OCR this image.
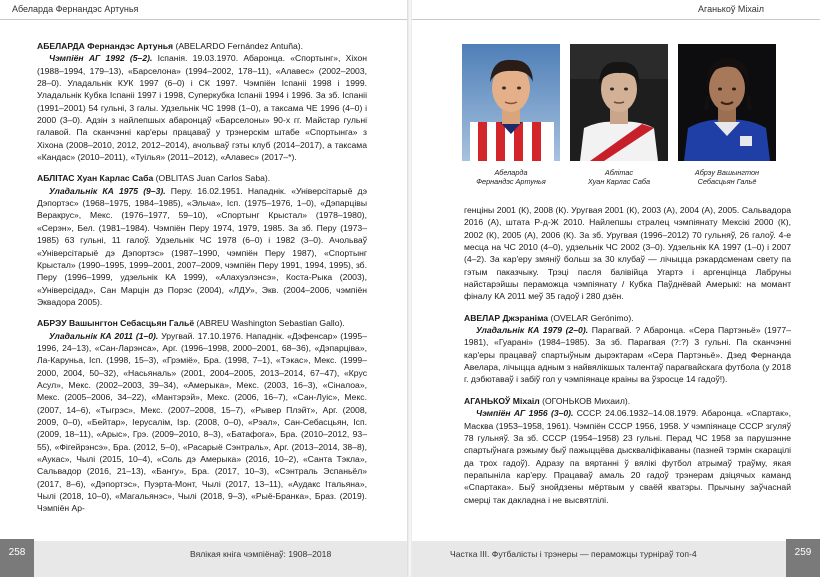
Абеларда Фернандэс Артунья

АБЕЛАРДА Фернандэс Артунья (ABELARDO Fernández Antuña).

Чэмпіён АГ 1992 (5–2). Іспанія. 19.03.1970. Абаронца. «Спортынг», Хіхон (1988–1994, 179–13), «Барселона» (1994–2002, 178–11), «Алавес» (2002–2003, 28–0). Уладальнік КУК 1997 (6–0) і СК 1997. Чэмпіён Іспаніі 1998 і 1999. Уладальнік Кубка Іспаніі 1997 і 1998, Суперкубка Іспаніі 1994 і 1996. За зб. Іспаніі (1991–2001) 54 гульні, 3 галы. Удзельнік ЧС 1998 (1–0), а таксама ЧЕ 1996 (4–0) і 2000 (3–0). Адзін з найлепшых абаронцаў «Барселоны» 90-х гг. Майстар гульні галавой. Па сканчэнні кар'еры працаваў у трэнерскім штабе «Спортынга» з Хіхона (2008–2010, 2012, 2012–2014), ачольваў гэты клуб (2014–2017), а таксама «Кандас» (2010–2011), «Туілья» (2011–2012), «Алавес» (2017–*).

АБЛІТАС Хуан Карлас Саба (OBLITAS Juan Carlos Saba).

Уладальнік КА 1975 (9–3). Перу. 16.02.1951. Нападнік. «Універсітарыё дэ Дэпортэс» (1968–1975, 1984–1985), «Эльча», Ісп. (1975–1976, 1–0), «Дэпарцівы Веракрус», Мекс. (1976–1977, 59–10), «Спортынг Крыстал» (1978–1980), «Серэн», Бел. (1981–1984). Чэмпіён Перу 1974, 1979, 1985. За зб. Перу (1973–1985) 63 гульні, 11 галоў. Удзельнік ЧС 1978 (6–0) і 1982 (3–0). Ачольваў «Універсітарыё дэ Дэпортэс» (1987–1990, чэмпіён Перу 1987), «Спортынг Крыстал» (1990–1995, 1999–2001, 2007–2009, чэмпіён Перу 1991, 1994, 1995), зб. Перу (1996–1999, удзельнік КА 1999), «Алахуэлэнсэ», Коста-Рыка (2003), «Універсідад», Сан Марцін дэ Порэс (2004), «ЛДУ», Экв. (2004–2006, чэмпіён Эквадора 2005).

АБРЭУ Вашынгтон Себасцьян Гальё (ABREU Washington Sebastian Gallo).

Уладальнік КА 2011 (1–0). Уругвай. 17.10.1976. Нападнік. «Дэфенсар» (1995–1996, 24–13), «Сан-Ларэнса», Арг. (1996–1998, 2000–2001, 68–36), «Дэпарціва», Ла-Каруньа, Ісп. (1998, 15–3), «Грэміё», Бра. (1998, 7–1), «Тэкас», Мекс. (1999–2000, 2004, 50–32), «Насьяналь» (2001, 2004–2005, 2013–2014, 67–47), «Крус Асул», Мекс. (2002–2003, 39–34), «Амерыка», Мекс. (2003, 16–3), «Сіналоа», Мекс. (2005–2006, 34–22), «Мантэрэй», Мекс. (2006, 16–7), «Сан-Луіс», Мекс. (2007, 14–6), «Тыгрэс», Мекс. (2007–2008, 15–7), «Рывер Плэйт», Арг. (2008, 2009, 0–0), «Бейтар», Іерусалім, Ізр. (2008, 0–0), «Рэал», Сан-Себасцьян, Ісп. (2009, 18–11), «Арыс», Грэ. (2009–2010, 8–3), «Батафога», Бра. (2010–2012, 93–55), «Фігейрэнсэ», Бра. (2012, 5–0), «Расарыё Сэнтраль», Арг. (2013–2014, 38–8), «Аукас», Чылі (2015, 10–4), «Соль дэ Амерыка» (2016, 10–2), «Санта Тэкла», Сальвадор (2016, 21–13), «Бангу», Бра. (2017, 10–3), «Сэнтраль Эспаньёл» (2017, 8–6), «Дэпортэс», Пуэрта-Монт, Чылі (2017, 13–11), «Аудакс Італьяна», Чылі (2018, 10–0), «Магальянэс», Чылі (2018, 9–3), «Рыё-Бранка», Браз. (2019). Чэмпіён Ар-

Вялікая кніга чэмпіёнаў: 1908–2018
258
Аганькоў Міхаіл
Абеларда
Фернандэс Артунья
Аблітас
Хуан Карлас Саба
Абрэу Вашынгтон
Себасцьян Гальё

генціны 2001 (К), 2008 (К). Уругвая 2001 (К), 2003 (А), 2004 (А), 2005. Сальвадора 2016 (А), штата Р-д-Ж 2010. Найлепшы стралец чэмпіянату Мексікі 2000 (К), 2002 (К), 2005 (А), 2006 (К). За зб. Уругвая (1996–2012) 70 гульняў, 26 галоў. 4-е месца на ЧС 2010 (4–0), удзельнік ЧС 2002 (3–0). Удзельнік КА 1997 (1–0) і 2007 (4–2). За кар'еру змяніў больш за 30 клубаў — лічыцца рэкардсменам свету па гэтым паказчыку. Трэці пасля балівійца Угартэ і аргенцінца Лабруны найстарэйшы пераможца чэмпіянату / Кубка Паўднёвай Амерыкі: на момант фіналу КА 2011 меў 35 гадоў і 280 дзён.

АВЕЛАР Джэраніма (OVELAR Gerónimo).

Уладальнік КА 1979 (2–0). Парагвай. ? Абаронца. «Сера Партэньё» (1977–1981), «Гуарані» (1984–1985). За зб. Парагвая (?:?) 3 гульні. Па сканчэнні кар'еры працаваў спартыўным дырэктарам «Сера Партэньё». Дзед Фернанда Авелара, лічыцца адным з найвялікшых талентаў парагвайскага футбола (у 2018 г. дэбютаваў і забіў гол у чэмпіянаце краіны ва ўзросце 14 гадоў!).

АГАНЬКОЎ Міхаіл (ОГОНЬКОВ Михаил).

Чэмпіён АГ 1956 (3–0). СССР. 24.06.1932–14.08.1979. Абаронца. «Спартак», Масква (1953–1958, 1961). Чэмпіён СССР 1956, 1958. У чэмпіянаце СССР згуляў 78 гульняў. За зб. СССР (1954–1958) 23 гульні. Перад ЧС 1958 за парушэнне спартыўнага рэжыму быў пажыццёва дыскваліфікаваны (пазней тэрмін скарацілі да трох гадоў). Адразу па вяртанні ў вялікі футбол атрымаў траўму, якая перапыніла кар'еру. Працаваў амаль 20 гадоў трэнерам дзіцячых каманд «Спартака». Быў знойдзены мёртвым у сваёй кватэры. Прычыну заўчаснай смерці так дакладна і не высвятлілі.

Частка ІІІ. Футбалісты і трэнеры — пераможцы турніраў топ-4	259
